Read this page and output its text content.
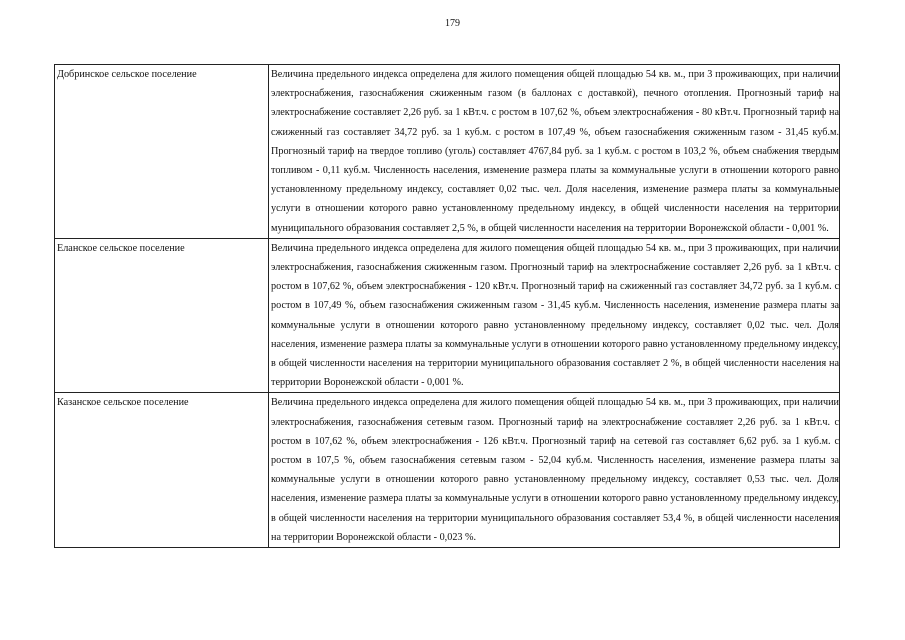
179
Добринское сельское поселение	Величина предельного индекса определена для жилого помещения общей площадью 54 кв. м., при 3 проживающих, при наличии электроснабжения, газоснабжения сжиженным газом (в баллонах с доставкой), печного отопления. Прогнозный тариф на электроснабжение составляет 2,26 руб. за 1 кВт.ч. с ростом в 107,62 %, объем электроснабжения - 80 кВт.ч. Прогнозный тариф на сжиженный газ составляет 34,72 руб. за 1 куб.м. с ростом в 107,49 %, объем газоснабжения сжиженным газом - 31,45 куб.м. Прогнозный тариф на твердое топливо (уголь) составляет 4767,84 руб. за 1 куб.м. с ростом в 103,2 %, объем снабжения твердым топливом - 0,11 куб.м. Численность населения, изменение размера платы за коммунальные услуги в отношении которого равно установленному предельному индексу, составляет 0,02 тыс. чел. Доля населения, изменение размера платы за коммунальные услуги в отношении которого равно установленному предельному индексу, в общей численности населения на территории муниципального образования составляет 2,5 %, в общей численности населения на территории Воронежской области - 0,001 %.
Еланское сельское поселение	Величина предельного индекса определена для жилого помещения общей площадью 54 кв. м., при 3 проживающих, при наличии электроснабжения, газоснабжения сжиженным газом. Прогнозный тариф на электроснабжение составляет 2,26 руб. за 1 кВт.ч. с ростом в 107,62 %, объем электроснабжения - 120 кВт.ч. Прогнозный тариф на сжиженный газ составляет 34,72 руб. за 1 куб.м. с ростом в 107,49 %, объем газоснабжения сжиженным газом - 31,45 куб.м. Численность населения, изменение размера платы за коммунальные услуги в отношении которого равно установленному предельному индексу, составляет 0,02 тыс. чел. Доля населения, изменение размера платы за коммунальные услуги в отношении которого равно установленному предельному индексу, в общей численности населения на территории муниципального образования составляет 2 %, в общей численности населения на территории Воронежской области - 0,001 %.
Казанское сельское поселение	Величина предельного индекса определена для жилого помещения общей площадью 54 кв. м., при 3 проживающих, при наличии электроснабжения, газоснабжения сетевым газом. Прогнозный тариф на электроснабжение составляет 2,26 руб. за 1 кВт.ч. с ростом в 107,62 %, объем электроснабжения - 126 кВт.ч. Прогнозный тариф на сетевой газ составляет 6,62 руб. за 1 куб.м. с ростом в 107,5 %, объем газоснабжения сетевым газом - 52,04 куб.м. Численность населения, изменение размера платы за коммунальные услуги в отношении которого равно установленному предельному индексу, составляет 0,53 тыс. чел. Доля населения, изменение размера платы за коммунальные услуги в отношении которого равно установленному предельному индексу, в общей численности населения на территории муниципального образования составляет 53,4 %, в общей численности населения на территории Воронежской области - 0,023 %.
